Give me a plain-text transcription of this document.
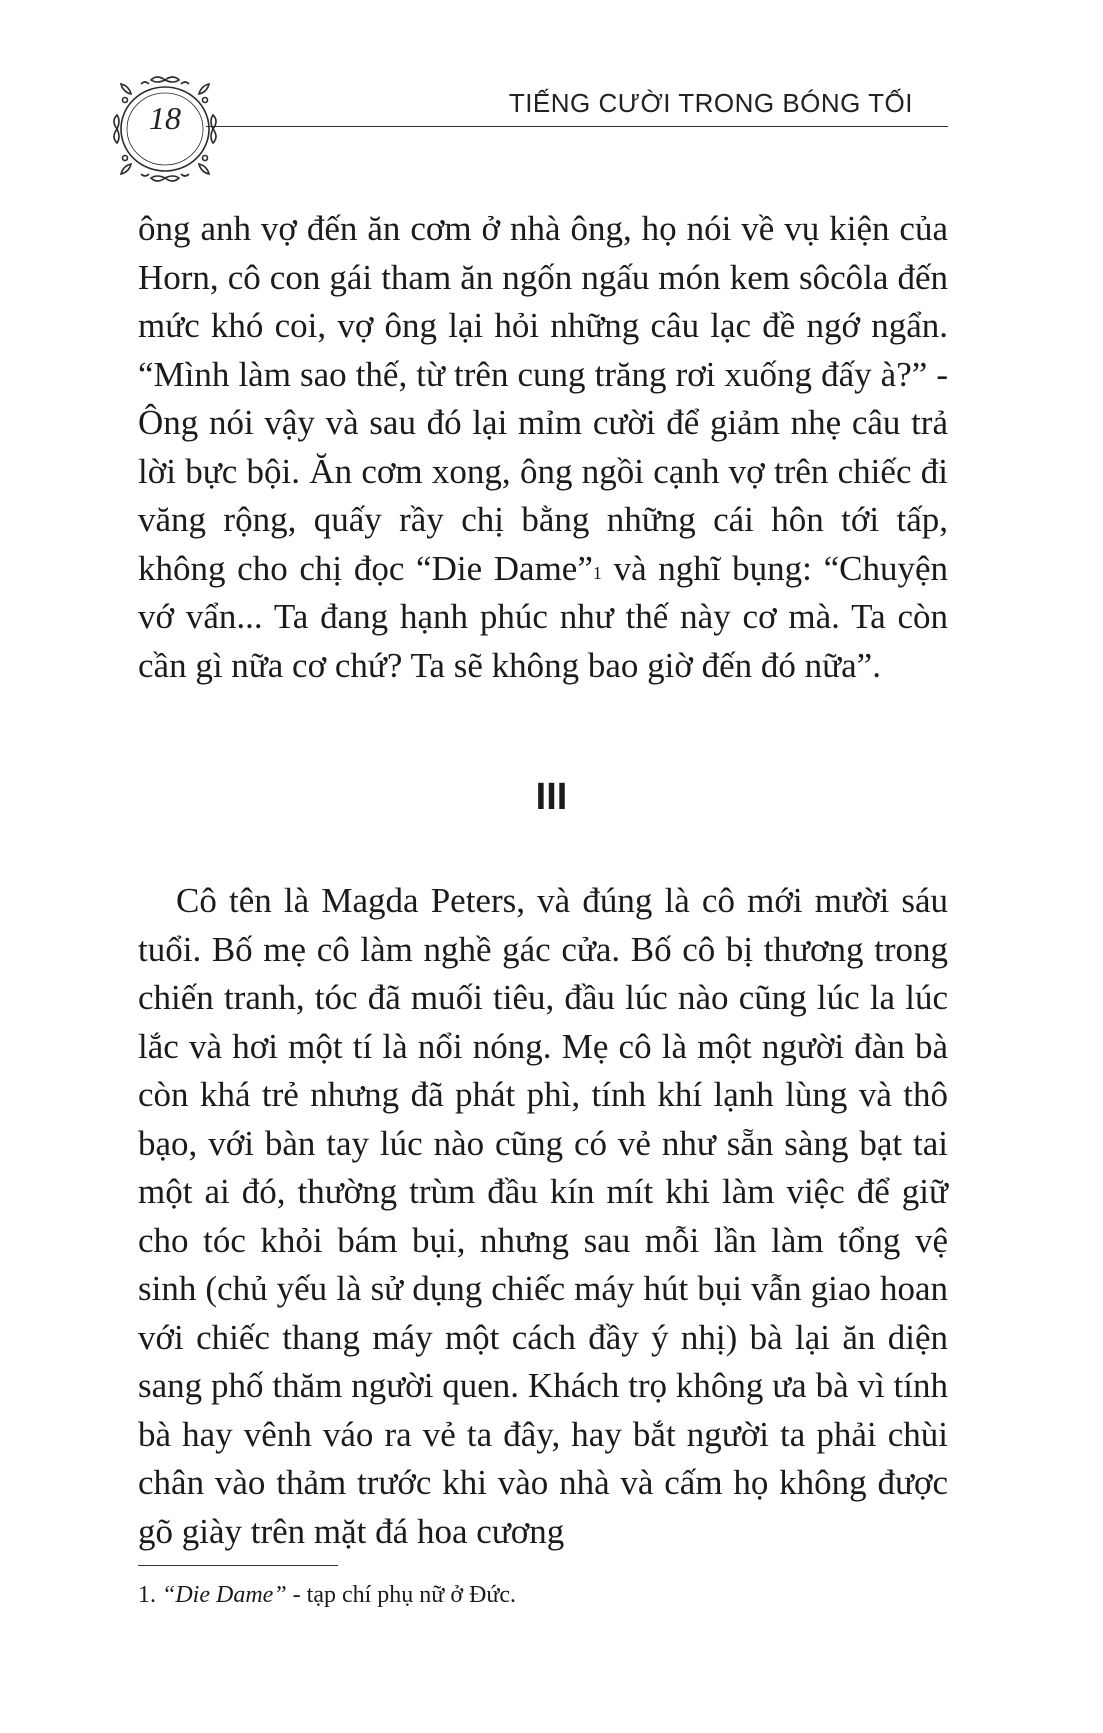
18	TIẾNG CƯỜI TRONG BÓNG TỐI

ông anh vợ đến ăn cơm ở nhà ông, họ nói về vụ kiện của Horn, cô con gái tham ăn ngốn ngấu món kem sôcôla đến mức khó coi, vợ ông lại hỏi những câu lạc đề ngớ ngẩn. “Mình làm sao thế, từ trên cung trăng rơi xuống đấy à?” - Ông nói vậy và sau đó lại mỉm cười để giảm nhẹ câu trả lời bực bội. Ăn cơm xong, ông ngồi cạnh vợ trên chiếc đi văng rộng, quấy rầy chị bằng những cái hôn tới tấp, không cho chị đọc “Die Dame”$^1$ và nghĩ bụng: “Chuyện vớ vẩn... Ta đang hạnh phúc như thế này cơ mà. Ta còn cần gì nữa cơ chứ? Ta sẽ không bao giờ đến đó nữa”.

III

Cô tên là Magda Peters, và đúng là cô mới mười sáu tuổi. Bố mẹ cô làm nghề gác cửa. Bố cô bị thương trong chiến tranh, tóc đã muối tiêu, đầu lúc nào cũng lúc la lúc lắc và hơi một tí là nổi nóng. Mẹ cô là một người đàn bà còn khá trẻ nhưng đã phát phì, tính khí lạnh lùng và thô bạo, với bàn tay lúc nào cũng có vẻ như sẵn sàng bạt tai một ai đó, thường trùm đầu kín mít khi làm việc để giữ cho tóc khỏi bám bụi, nhưng sau mỗi lần làm tổng vệ sinh (chủ yếu là sử dụng chiếc máy hút bụi vẫn giao hoan với chiếc thang máy một cách đầy ý nhị) bà lại ăn diện sang phố thăm người quen. Khách trọ không ưa bà vì tính bà hay vênh váo ra vẻ ta đây, hay bắt người ta phải chùi chân vào thảm trước khi vào nhà và cấm họ không được gõ giày trên mặt đá hoa cương

1. “Die Dame” - tạp chí phụ nữ ở Đức.
